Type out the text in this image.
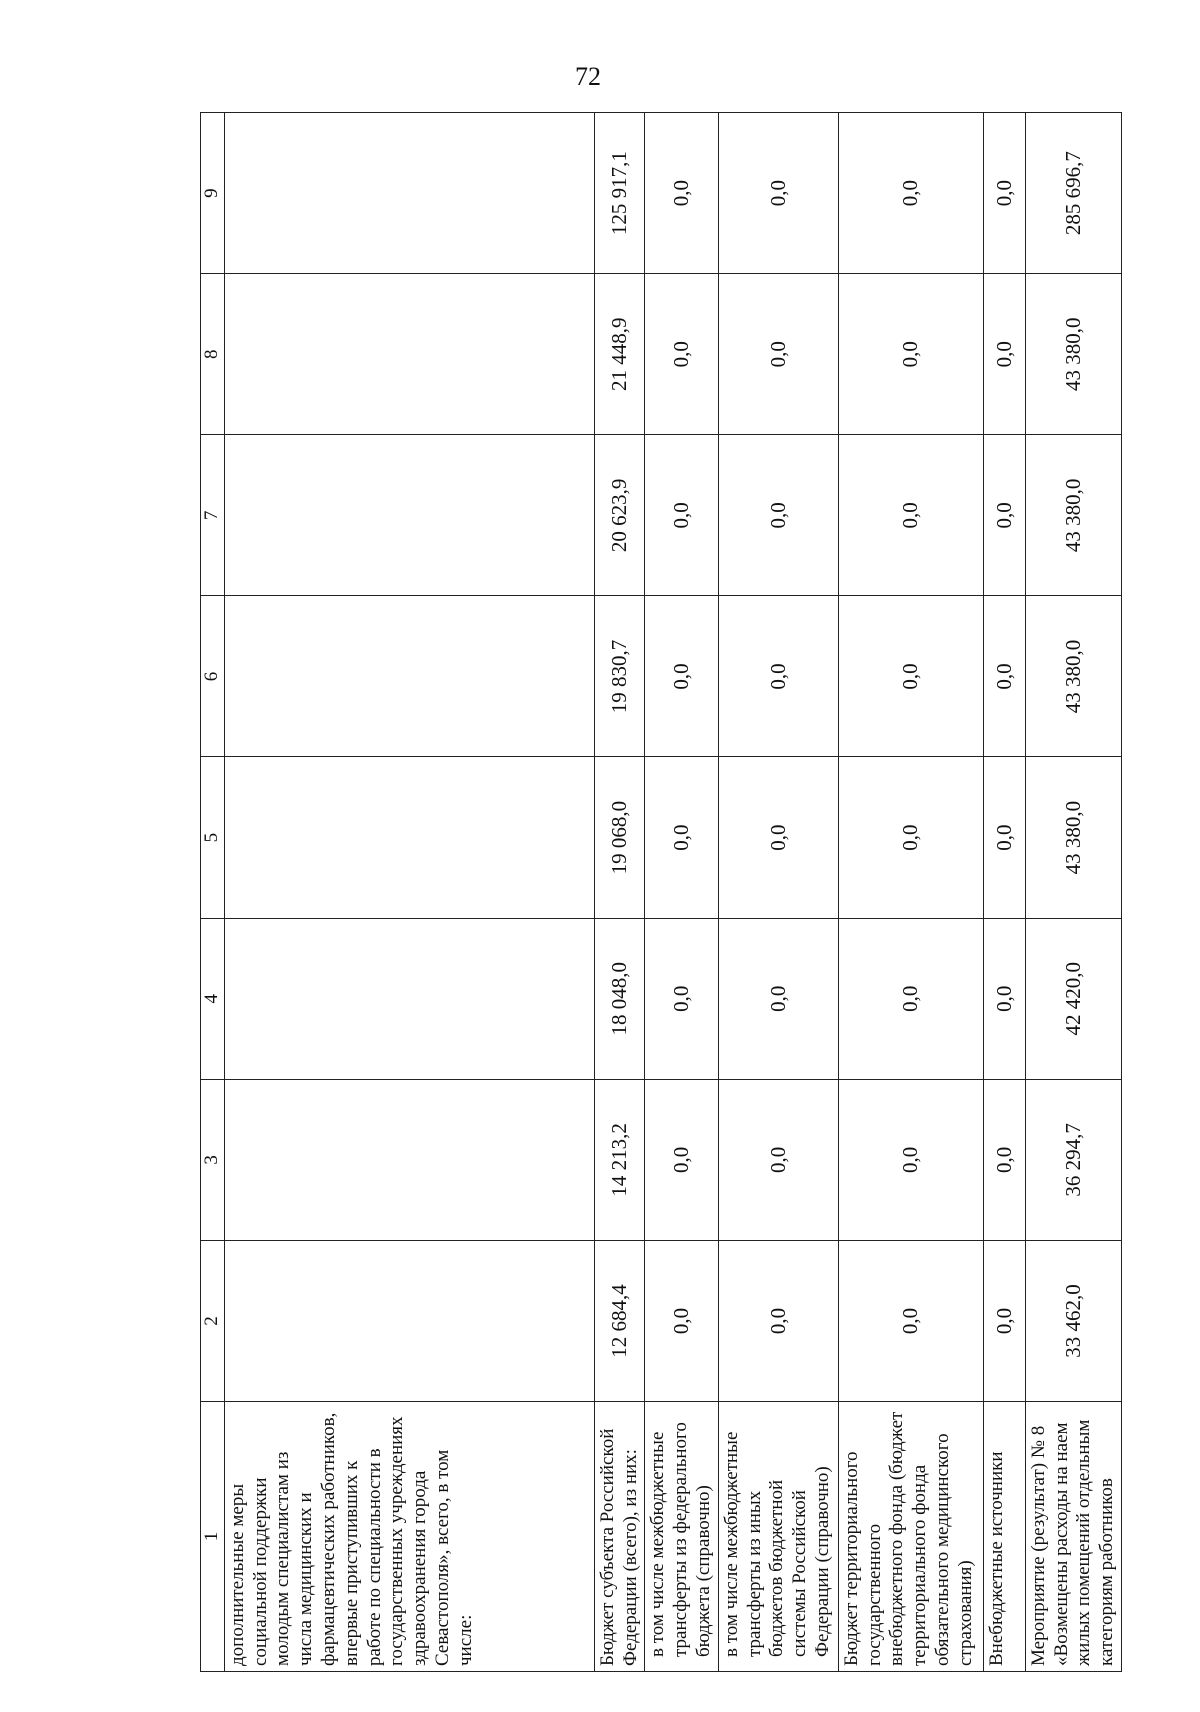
72
1	2	3	4	5	6	7	8	9
дополнительные меры социальной поддержки молодым специалистам из числа медицинских и фармацевтических работников, впервые приступивших к работе по специальности в государственных учреждениях здравоохранения города Севастополя», всего, в том числе:								
Бюджет субъекта Российской Федерации (всего), из них:	12 684,4	14 213,2	18 048,0	19 068,0	19 830,7	20 623,9	21 448,9	125 917,1
в том числе межбюджетные трансферты из федерального бюджета (справочно)	0,0	0,0	0,0	0,0	0,0	0,0	0,0	0,0
в том числе межбюджетные трансферты из иных бюджетов бюджетной системы Российской Федерации (справочно)	0,0	0,0	0,0	0,0	0,0	0,0	0,0	0,0
Бюджет территориального государственного внебюджетного фонда (бюджет территориального фонда обязательного медицинского страхования)	0,0	0,0	0,0	0,0	0,0	0,0	0,0	0,0
Внебюджетные источники	0,0	0,0	0,0	0,0	0,0	0,0	0,0	0,0
Мероприятие (результат) № 8 «Возмещены расходы на наем жилых помещений отдельным категориям работников	33 462,0	36 294,7	42 420,0	43 380,0	43 380,0	43 380,0	43 380,0	285 696,7
